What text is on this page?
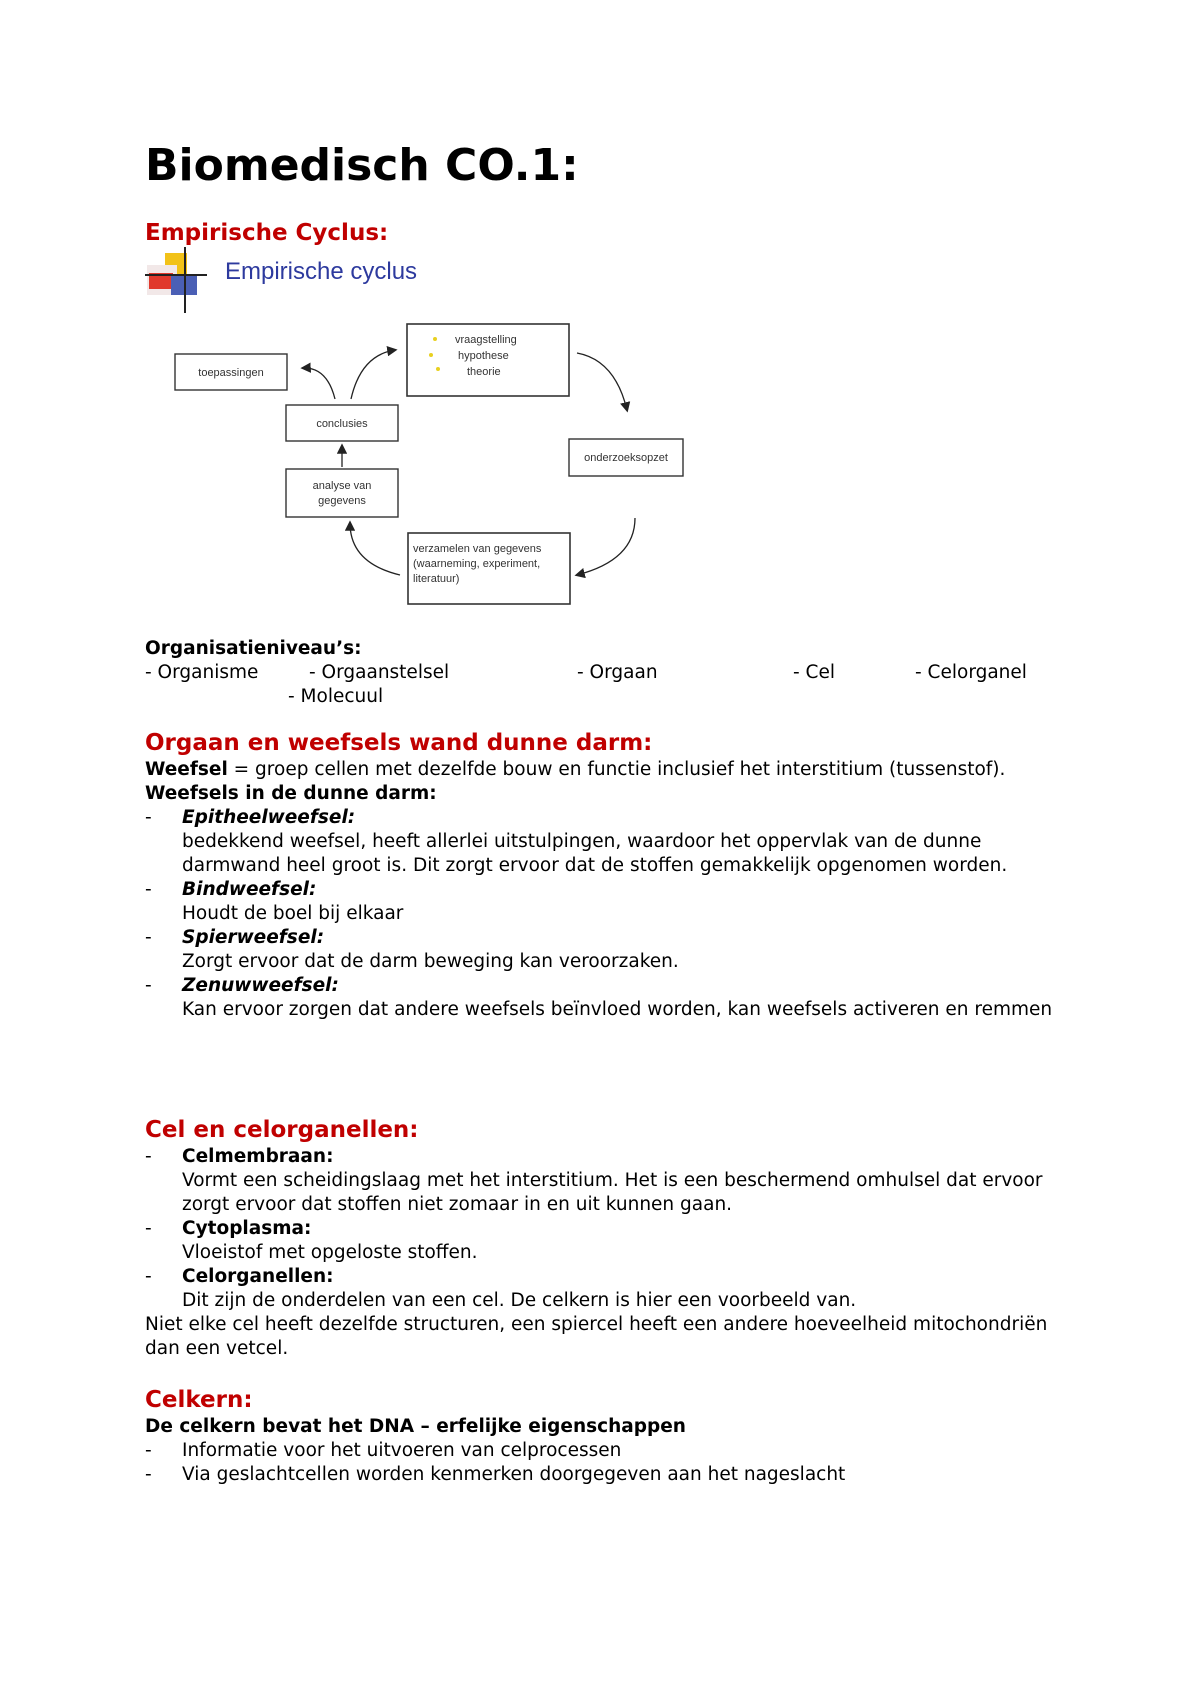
Biomedisch CO.1:
Empirische Cyclus:
Empirische cyclus
vraagstelling
hypothese
theorie
toepassingen
conclusies
analyse van
gegevens
onderzoeksopzet
verzamelen van gegevens
(waarneming, experiment,
literatuur)

Organisatieniveau’s:

- Organisme	- Orgaanstelsel	- Orgaan	- Cel	- Celorganel
- Molecuul
Orgaan en weefsels wand dunne darm:

Weefsel = groep cellen met dezelfde bouw en functie inclusief het interstitium (tussenstof).

Weefsels in de dunne darm:

- Epitheelweefsel:
bedekkend weefsel, heeft allerlei uitstulpingen, waardoor het oppervlak van de dunne darmwand heel groot is. Dit zorgt ervoor dat de stoffen gemakkelijk opgenomen worden.
- Bindweefsel:
Houdt de boel bij elkaar
- Spierweefsel:
Zorgt ervoor dat de darm beweging kan veroorzaken.
- Zenuwweefsel:
Kan ervoor zorgen dat andere weefsels beïnvloed worden, kan weefsels activeren en remmen
Cel en celorganellen:
- Celmembraan:
Vormt een scheidingslaag met het interstitium. Het is een beschermend omhulsel dat ervoor zorgt ervoor dat stoffen niet zomaar in en uit kunnen gaan.
- Cytoplasma:
Vloeistof met opgeloste stoffen.
- Celorganellen:
Dit zijn de onderdelen van een cel. De celkern is hier een voorbeeld van.

Niet elke cel heeft dezelfde structuren, een spiercel heeft een andere hoeveelheid mitochondriën dan een vetcel.

Celkern:

De celkern bevat het DNA – erfelijke eigenschappen

- Informatie voor het uitvoeren van celprocessen
- Via geslachtcellen worden kenmerken doorgegeven aan het nageslacht
